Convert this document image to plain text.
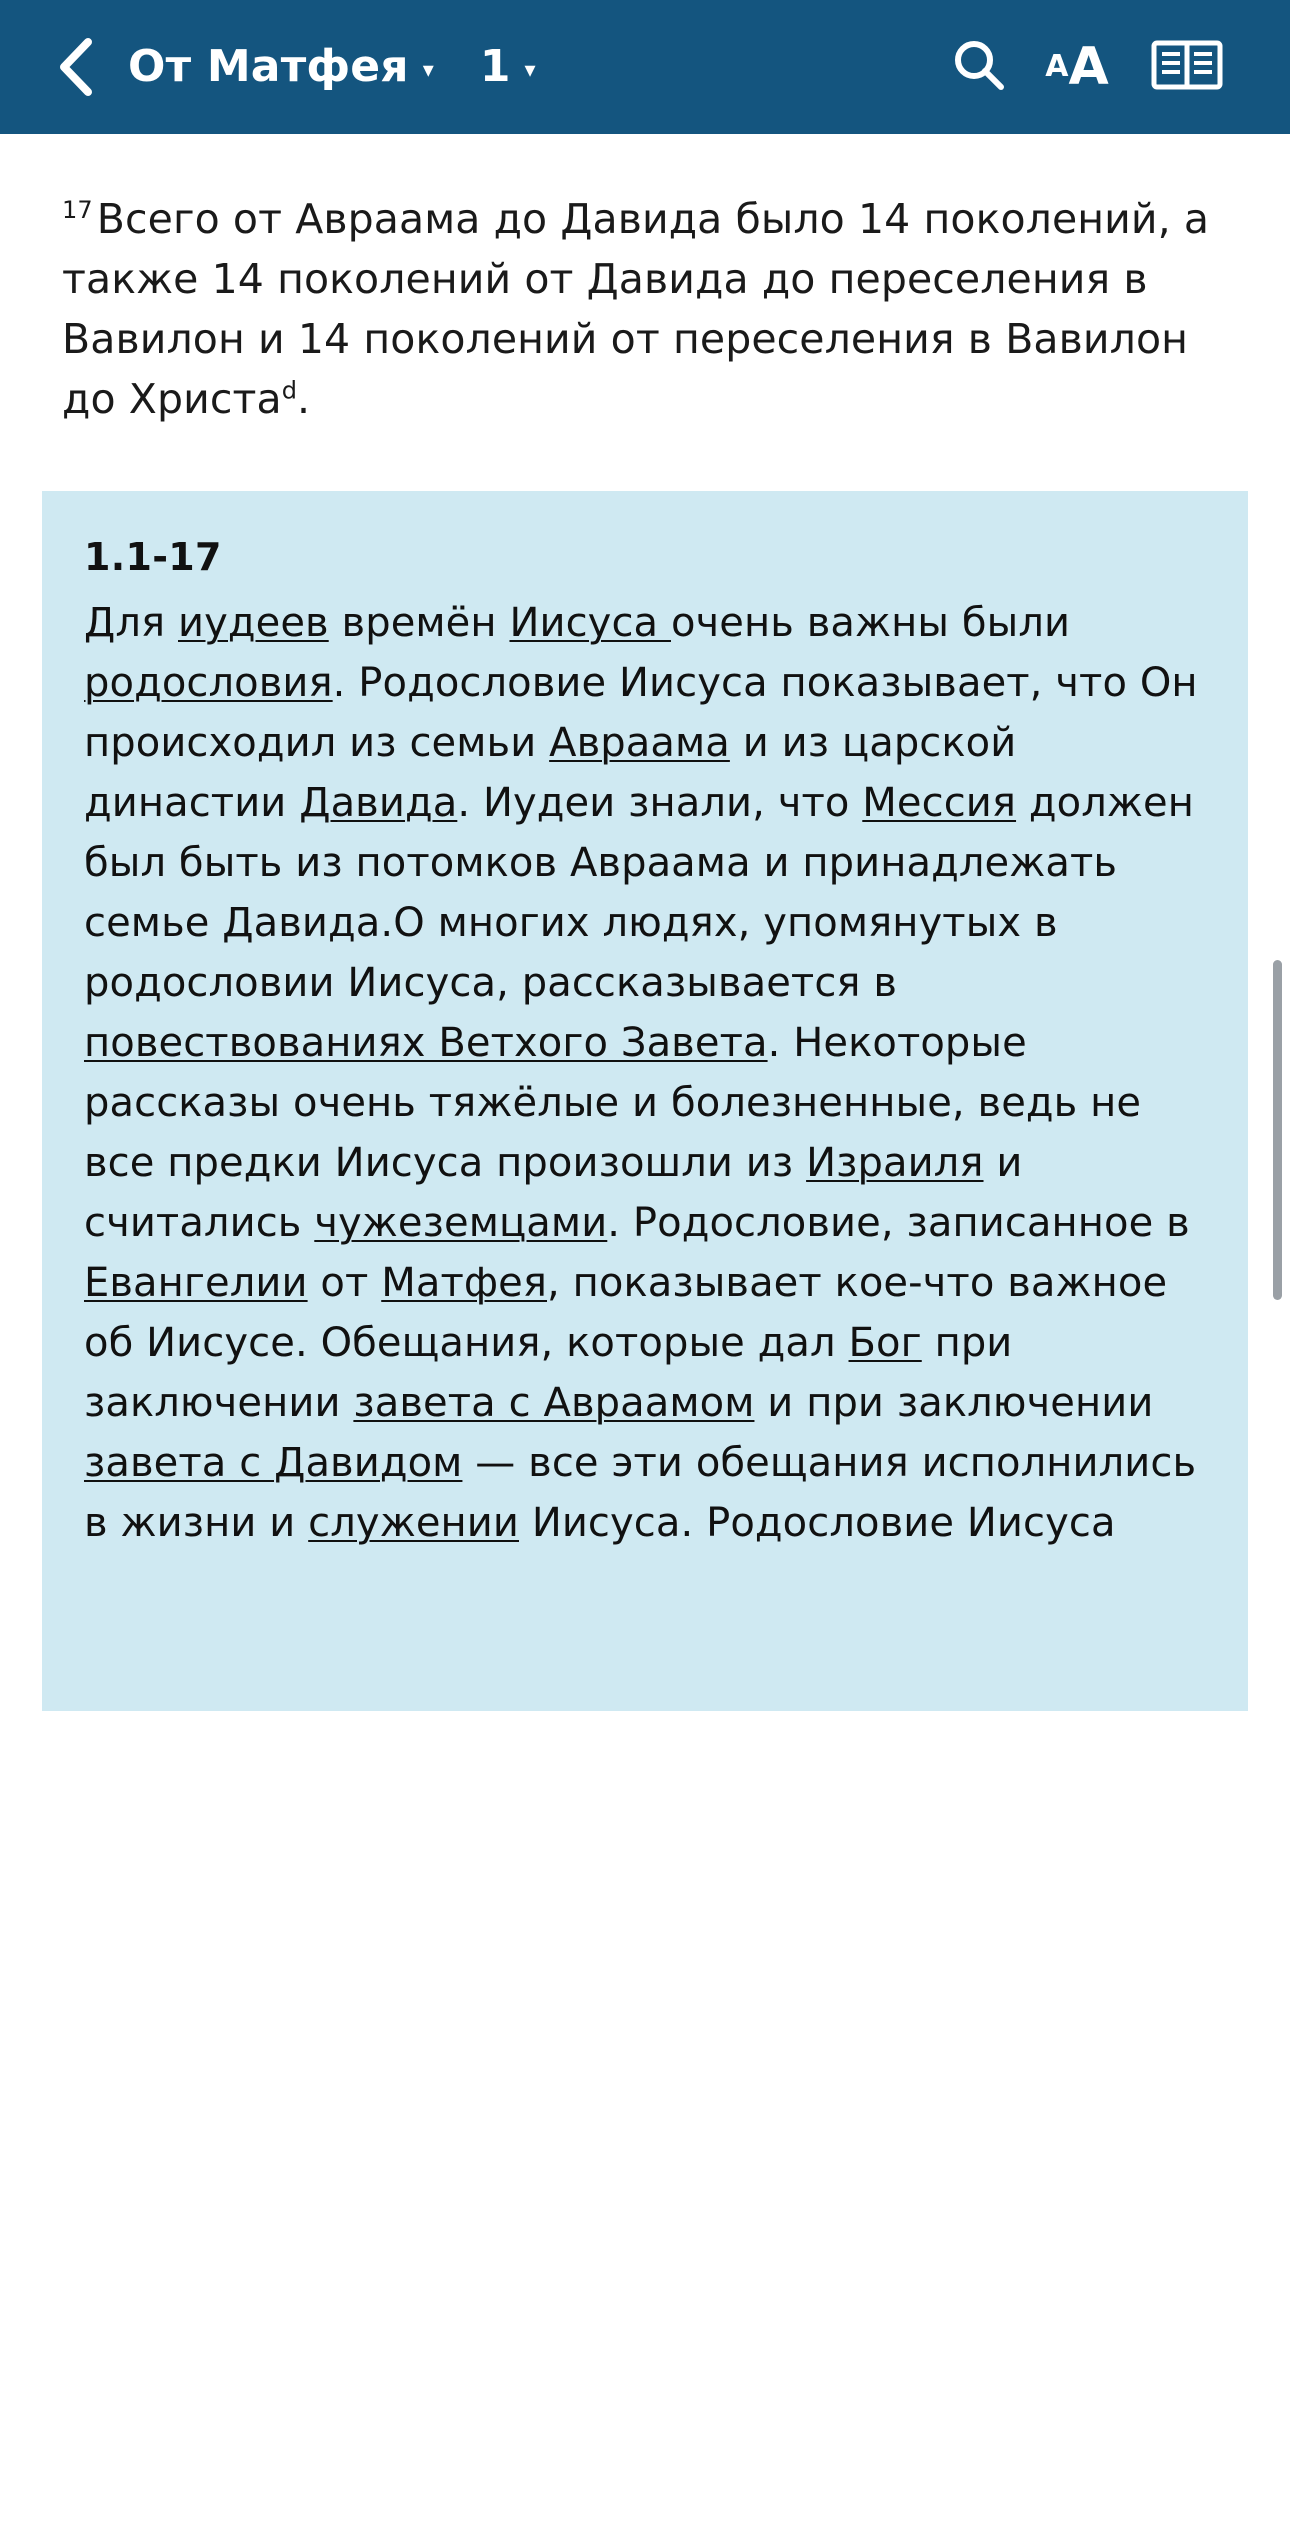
От Матфея ▾ 1 ▾	AA
$^{17}$Всего от Авраама до Давида было 14 поколений, а также 14 поколений от Давида до переселения в Вавилон и 14 поколений от переселения в Вавилон до Христа$^d$.
1.1-17
Для иудеев времён Иисуса очень важны были родословия. Родословие Иисуса показывает, что Он происходил из семьи Авраама и из царской династии Давида. Иудеи знали, что Мессия должен был быть из потомков Авраама и принадлежать семье Давида.О многих людях, упомянутых в родословии Иисуса, рассказывается в повествованиях Ветхого Завета. Некоторые рассказы очень тяжёлые и болезненные, ведь не все предки Иисуса произошли из Израиля и считались чужеземцами. Родословие, записанное в Евангелии от Матфея, показывает кое-что важное об Иисусе. Обещания, которые дал Бог при заключении завета с Авраамом и при заключении завета с Давидом — все эти обещания исполнились в жизни и служении Иисуса. Родословие Иисуса
